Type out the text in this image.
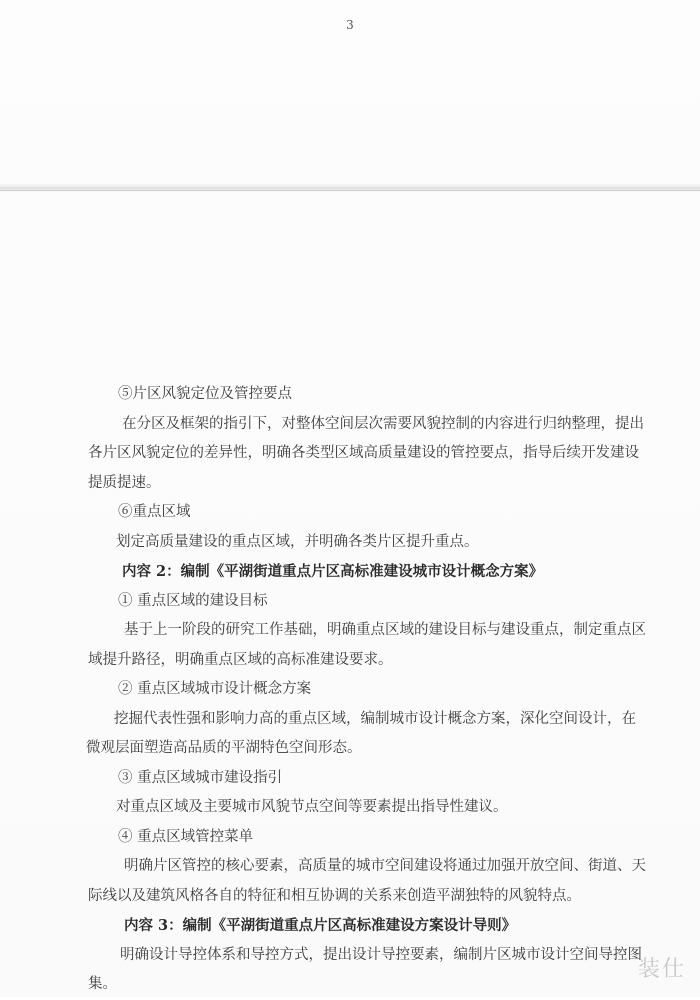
3

⑤片区风貌定位及管控要点

在分区及框架的指引下，对整体空间层次需要风貌控制的内容进行归纳整理，提出

各片区风貌定位的差异性，明确各类型区域高质量建设的管控要点，指导后续开发建设

提质提速。

⑥重点区域

划定高质量建设的重点区域，并明确各类片区提升重点。

内容 2：编制《平湖街道重点片区高标准建设城市设计概念方案》

① 重点区域的建设目标

基于上一阶段的研究工作基础，明确重点区域的建设目标与建设重点，制定重点区

域提升路径，明确重点区域的高标准建设要求。

② 重点区域城市设计概念方案

挖掘代表性强和影响力高的重点区域，编制城市设计概念方案，深化空间设计，在

微观层面塑造高品质的平湖特色空间形态。

③ 重点区域城市建设指引

对重点区域及主要城市风貌节点空间等要素提出指导性建议。

④ 重点区域管控菜单

明确片区管控的核心要素，高质量的城市空间建设将通过加强开放空间、街道、天

际线以及建筑风格各自的特征和相互协调的关系来创造平湖独特的风貌特点。

内容 3：编制《平湖街道重点片区高标准建设方案设计导则》

明确设计导控体系和导控方式，提出设计导控要素，编制片区城市设计空间导控图

集。

装仕
